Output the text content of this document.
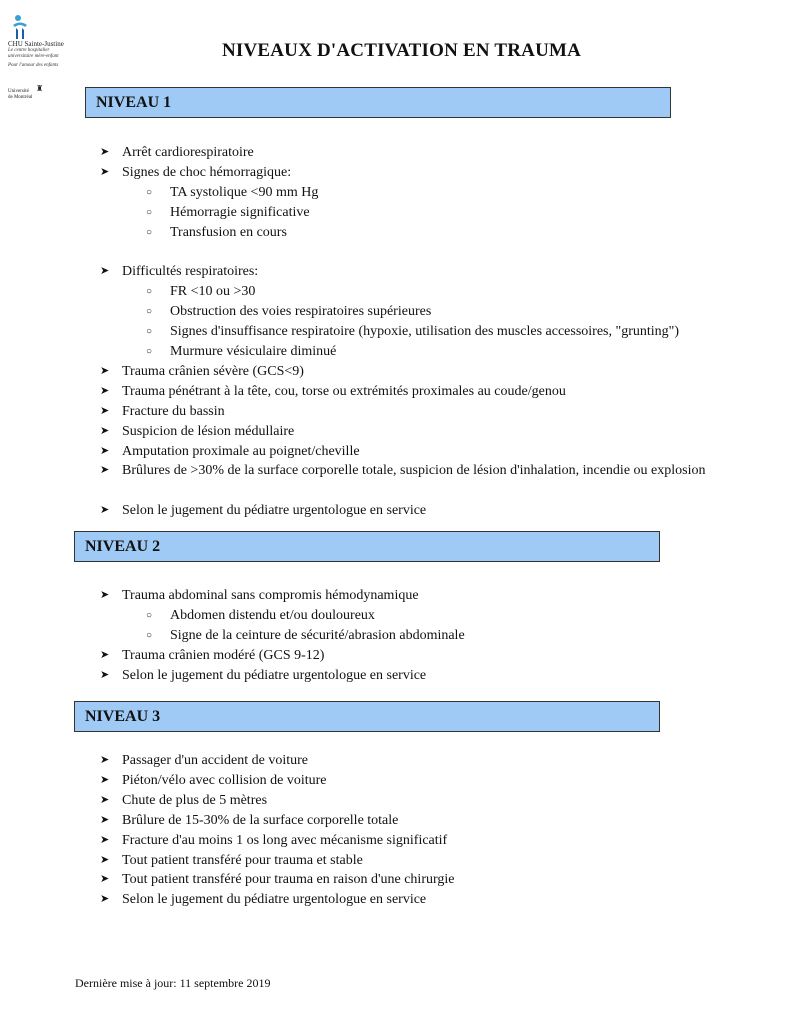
CHU Sainte-Justine
Le centre hospitalier
universitaire mère-enfant
Pour l'amour des enfants
♜
Université
de Montréal
NIVEAUX D'ACTIVATION EN TRAUMA
NIVEAU 1
NIVEAU 2
NIVEAU 3
➤ Arrêt cardiorespiratoire
➤ Signes de choc hémorragique:
○ TA systolique <90 mm Hg
○ Hémorragie significative
○ Transfusion en cours
➤ Difficultés respiratoires:
○ FR <10 ou >30
○ Obstruction des voies respiratoires supérieures
○ Signes d'insuffisance respiratoire (hypoxie, utilisation des muscles accessoires, "grunting")
○ Murmure vésiculaire diminué
➤ Trauma crânien sévère (GCS<9)
➤ Trauma pénétrant à la tête, cou, torse ou extrémités proximales au coude/genou
➤ Fracture du bassin
➤ Suspicion de lésion médullaire
➤ Amputation proximale au poignet/cheville
➤ Brûlures de >30% de la surface corporelle totale, suspicion de lésion d'inhalation, incendie ou explosion
➤ Selon le jugement du pédiatre urgentologue en service
➤ Trauma abdominal sans compromis hémodynamique
○ Abdomen distendu et/ou douloureux
○ Signe de la ceinture de sécurité/abrasion abdominale
➤ Trauma crânien modéré (GCS 9-12)
➤ Selon le jugement du pédiatre urgentologue en service
➤ Passager d'un accident de voiture
➤ Piéton/vélo avec collision de voiture
➤ Chute de plus de 5 mètres
➤ Brûlure de 15-30% de la surface corporelle totale
➤ Fracture d'au moins 1 os long avec mécanisme significatif
➤ Tout patient transféré pour trauma et stable
➤ Tout patient transféré pour trauma en raison d'une chirurgie
➤ Selon le jugement du pédiatre urgentologue en service
Dernière mise à jour: 11 septembre 2019
